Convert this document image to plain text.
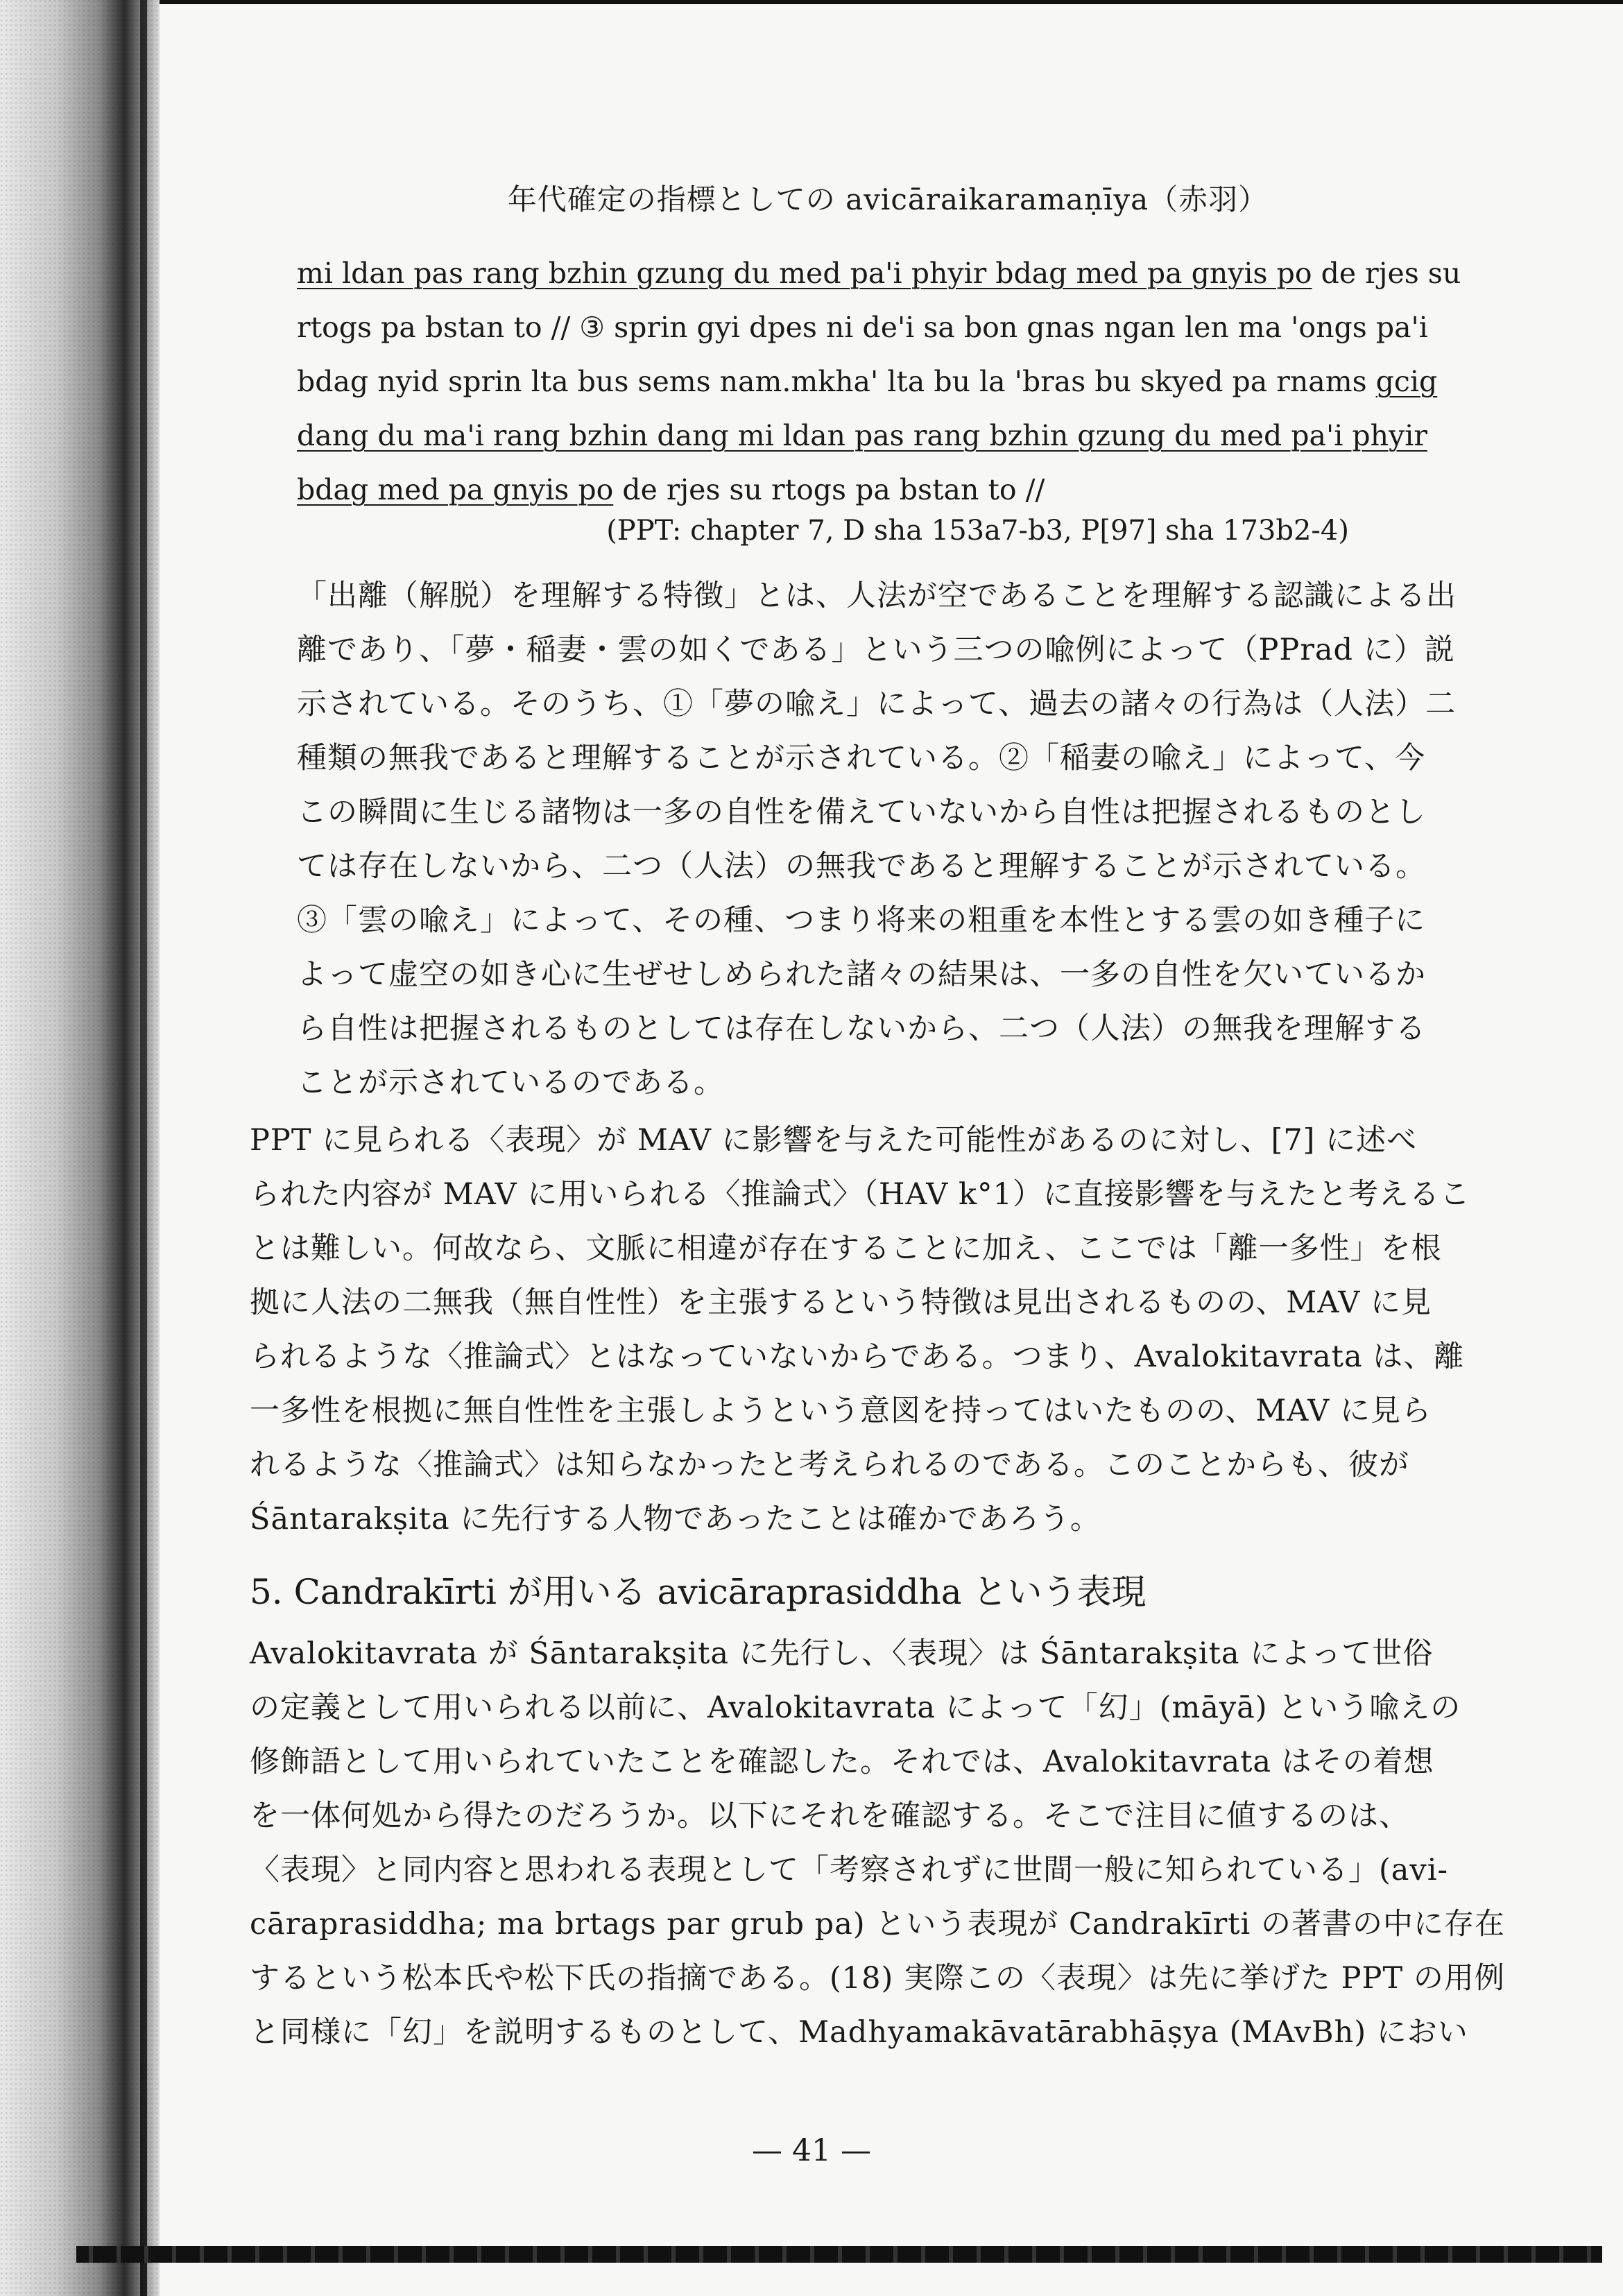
年代確定の指標としての avicāraikaramaṇīya（赤羽）
mi ldan pas rang bzhin gzung du med pa'i phyir bdag med pa gnyis po de rjes su
rtogs pa bstan to // ③ sprin gyi dpes ni de'i sa bon gnas ngan len ma 'ongs pa'i
bdag nyid sprin lta bus sems nam.mkha' lta bu la 'bras bu skyed pa rnams gcig
dang du ma'i rang bzhin dang mi ldan pas rang bzhin gzung du med pa'i phyir
bdag med pa gnyis po de rjes su rtogs pa bstan to //
(PPT: chapter 7, D sha 153a7-b3, P[97] sha 173b2-4)
「出離（解脱）を理解する特徴」とは、人法が空であることを理解する認識による出
離であり、「夢・稲妻・雲の如くである」という三つの喩例によって（PPrad に）説
示されている。そのうち、①「夢の喩え」によって、過去の諸々の行為は（人法）二
種類の無我であると理解することが示されている。②「稲妻の喩え」によって、今
この瞬間に生じる諸物は一多の自性を備えていないから自性は把握されるものとし
ては存在しないから、二つ（人法）の無我であると理解することが示されている。
③「雲の喩え」によって、その種、つまり将来の粗重を本性とする雲の如き種子に
よって虚空の如き心に生ぜせしめられた諸々の結果は、一多の自性を欠いているか
ら自性は把握されるものとしては存在しないから、二つ（人法）の無我を理解する
ことが示されているのである。
PPT に見られる〈表現〉が MAV に影響を与えた可能性があるのに対し、[7] に述べ
られた内容が MAV に用いられる〈推論式〉（HAV k°1）に直接影響を与えたと考えるこ
とは難しい。何故なら、文脈に相違が存在することに加え、ここでは「離一多性」を根
拠に人法の二無我（無自性性）を主張するという特徴は見出されるものの、MAV に見
られるような〈推論式〉とはなっていないからである。つまり、Avalokitavrata は、離
一多性を根拠に無自性性を主張しようという意図を持ってはいたものの、MAV に見ら
れるような〈推論式〉は知らなかったと考えられるのである。このことからも、彼が
Śāntarakṣita に先行する人物であったことは確かであろう。
5. Candrakīrti が用いる avicāraprasiddha という表現
Avalokitavrata が Śāntarakṣita に先行し、〈表現〉は Śāntarakṣita によって世俗
の定義として用いられる以前に、Avalokitavrata によって「幻」(māyā) という喩えの
修飾語として用いられていたことを確認した。それでは、Avalokitavrata はその着想
を一体何処から得たのだろうか。以下にそれを確認する。そこで注目に値するのは、
〈表現〉と同内容と思われる表現として「考察されずに世間一般に知られている」(avi-
cāraprasiddha; ma brtags par grub pa) という表現が Candrakīrti の著書の中に存在
するという松本氏や松下氏の指摘である。(18) 実際この〈表現〉は先に挙げた PPT の用例
と同様に「幻」を説明するものとして、Madhyamakāvatārabhāṣya (MAvBh) におい
— 41 —
